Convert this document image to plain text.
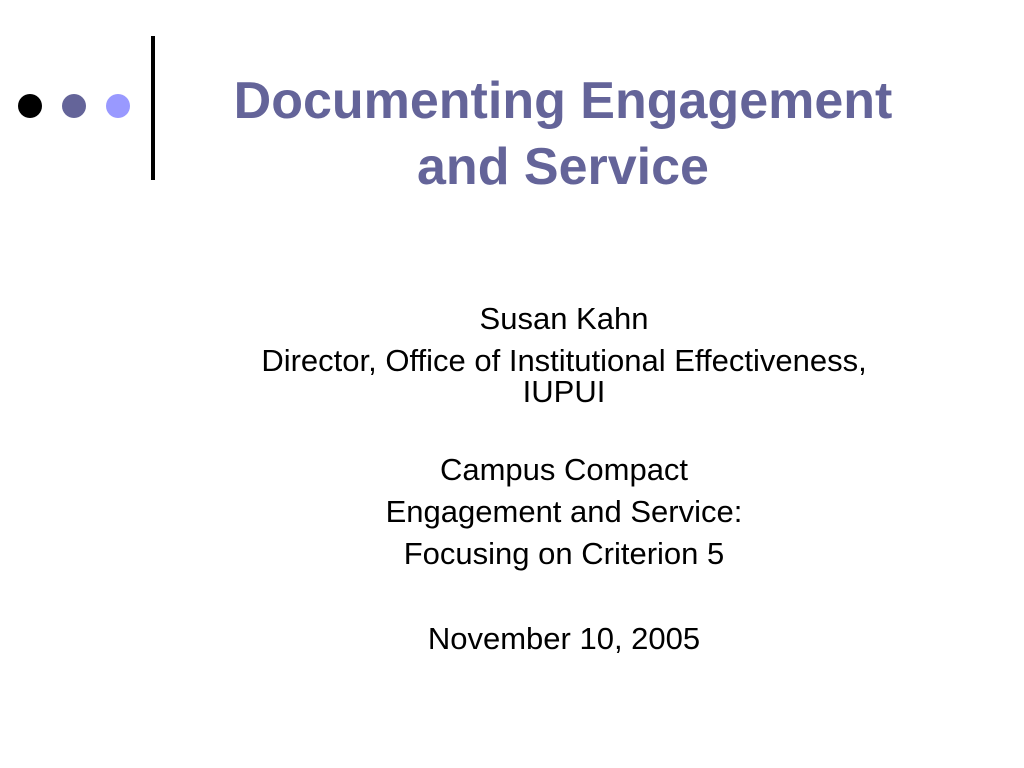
Documenting Engagement
and Service
Susan Kahn
Director, Office of Institutional Effectiveness,
IUPUI
Campus Compact
Engagement and Service:
Focusing on Criterion 5
November 10, 2005
